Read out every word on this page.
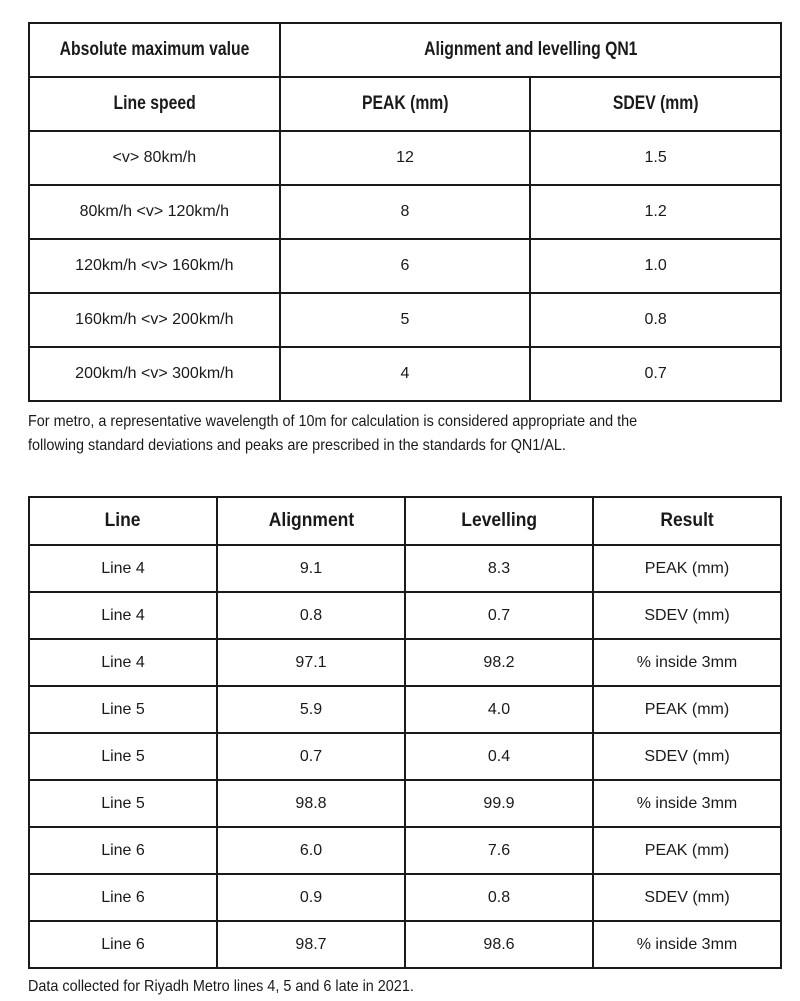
Absolute maximum value	Alignment and levelling QN1	
Line speed	PEAK (mm)	SDEV (mm)
<v> 80km/h	12	1.5
80km/h <v> 120km/h	8	1.2
120km/h <v> 160km/h	6	1.0
160km/h <v> 200km/h	5	0.8
200km/h <v> 300km/h	4	0.7
For metro, a representative wavelength of 10m for calculation is considered appropriate and the
following standard deviations and peaks are prescribed in the standards for QN1/AL.
Line	Alignment	Levelling	Result
Line 4	9.1	8.3	PEAK (mm)
Line 4	0.8	0.7	SDEV (mm)
Line 4	97.1	98.2	% inside 3mm
Line 5	5.9	4.0	PEAK (mm)
Line 5	0.7	0.4	SDEV (mm)
Line 5	98.8	99.9	% inside 3mm
Line 6	6.0	7.6	PEAK (mm)
Line 6	0.9	0.8	SDEV (mm)
Line 6	98.7	98.6	% inside 3mm

Data collected for Riyadh Metro lines 4, 5 and 6 late in 2021.
